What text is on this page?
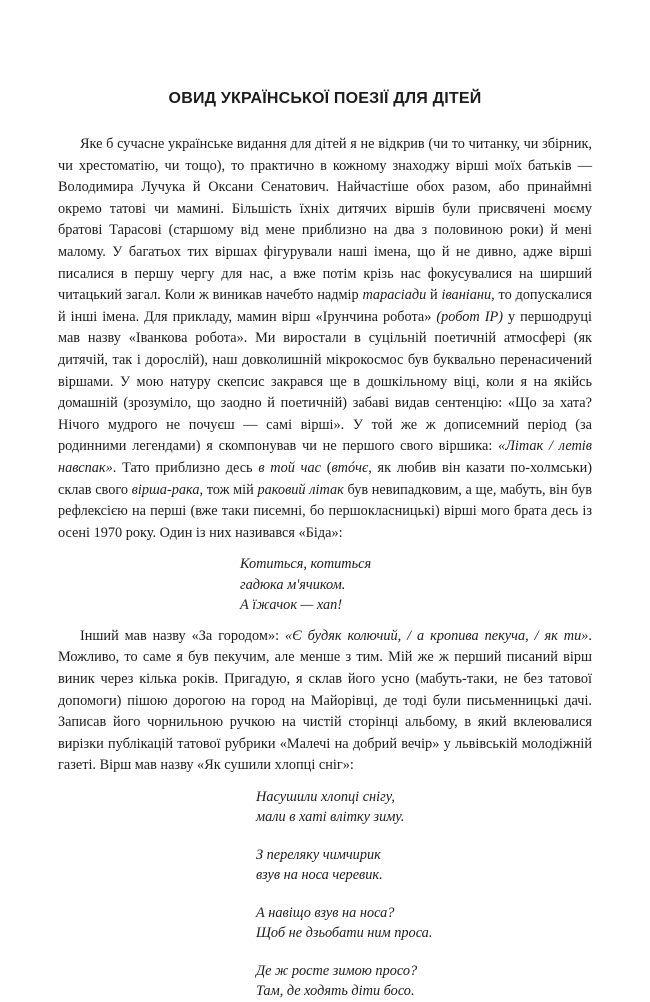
ОВИД УКРАЇНСЬКОЇ ПОЕЗІЇ ДЛЯ ДІТЕЙ

Яке б сучасне українське видання для дітей я не відкрив (чи то читанку, чи збірник, чи хрестоматію, чи тощо), то практично в кожному знаходжу вірші моїх батьків — Володимира Лучука й Оксани Сенатович. Найчастіше обох разом, або принаймні окремо татові чи мамині. Більшість їхніх дитячих віршів були присвячені моєму братові Тарасові (старшому від мене приблизно на два з половиною роки) й мені малому. У багатьох тих віршах фігурували наші імена, що й не дивно, адже вірші писалися в першу чергу для нас, а вже потім крізь нас фокусувалися на ширший читацький загал. Коли ж виникав начебто надмір тарасіади й іваніани, то допускалися й інші імена. Для прикладу, мамин вірш «Ірунчина робота» (робот IР) у першодруці мав назву «Іванкова робота». Ми виростали в суцільній поетичній атмосфері (як дитячій, так і дорослій), наш довколишній мікрокосмос був буквально перенасичений віршами. У мою натуру скепсис закрався ще в дошкільному віці, коли я на якійсь домашній (зрозуміло, що заодно й поетичній) забаві видав сентенцію: «Що за хата? Нічого мудрого не почуєш — самі вірші». У той же ж дописемний період (за родинними легендами) я скомпонував чи не першого свого віршика: «Літак / летів навспак». Тато приблизно десь в той час (втóчє, як любив він казати по-холмськи) склав свого вірша-рака, тож мій раковий літак був невипадковим, а ще, мабуть, він був рефлексією на перші (вже таки писемні, бо першокласницькі) вірші мого брата десь із осені 1970 року. Один із них називався «Біда»:

Котиться, котиться
гадюка м'ячиком.
А їжачок — хап!

Інший мав назву «За городом»: «Є будяк колючий, / а кропива пекуча, / як ти». Можливо, то саме я був пекучим, але менше з тим. Мій же ж перший писаний вірш виник через кілька років. Пригадую, я склав його усно (мабуть-таки, не без татової допомоги) пішою дорогою на город на Майорівці, де тоді були письменницькі дачі. Записав його чорнильною ручкою на чистій сторінці альбому, в який вклеювалися вирізки публікацій татової рубрики «Малечі на добрий вечір» у львівській молодіжній газеті. Вірш мав назву «Як сушили хлопці сніг»:

Насушили хлопці снігу,
мали в хаті влітку зиму.
З переляку чимчирик
взув на носа черевик.
А навіщо взув на носа?
Щоб не дзьобати ним проса.
Де ж росте зимою просо?
Там, де ходять діти босо.
